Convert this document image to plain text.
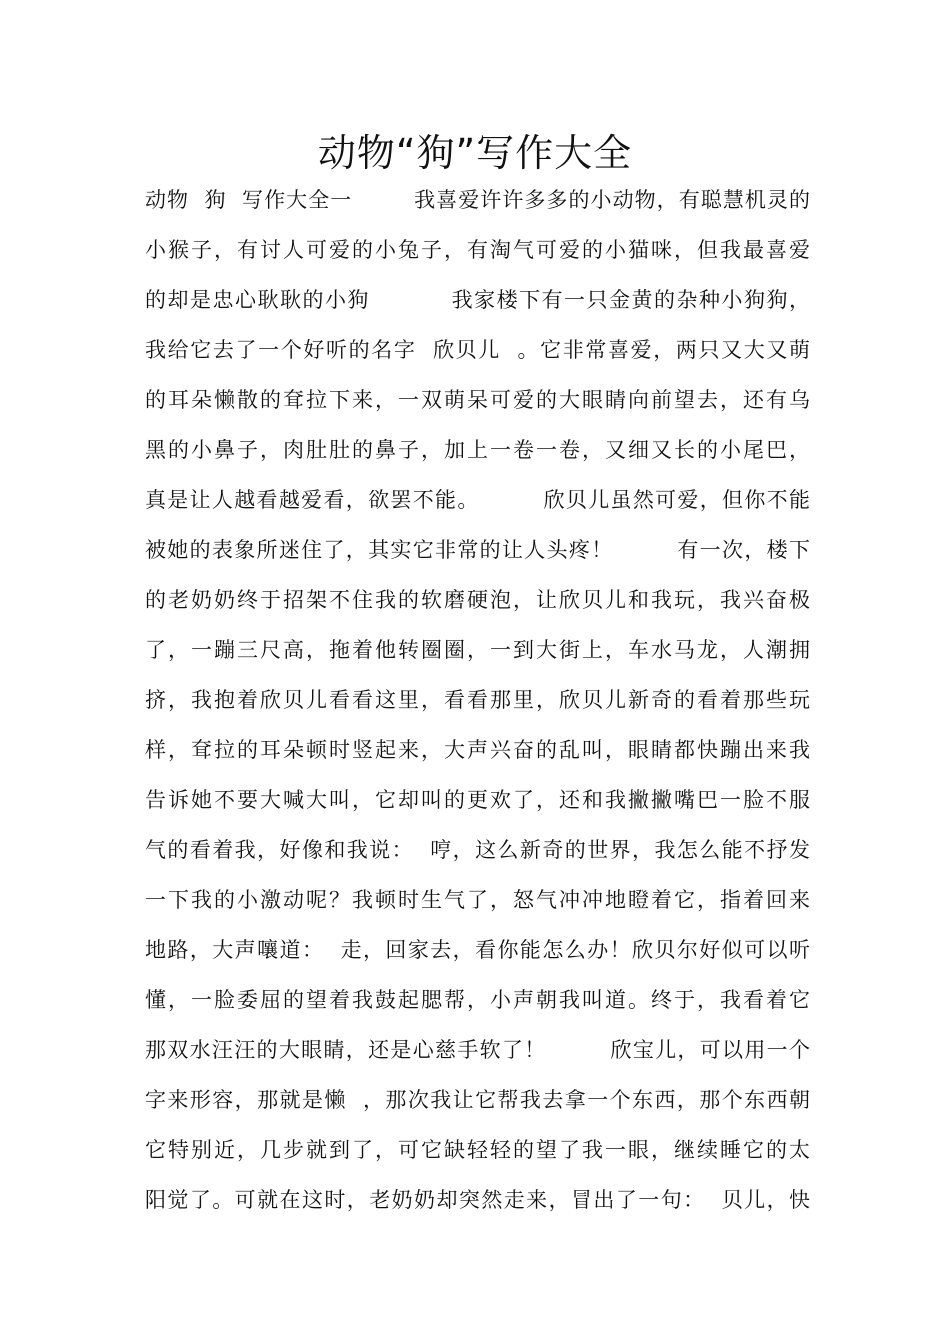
动物“狗”写作大全
动物  狗  写作大全一        我喜爱许许多多的小动物，有聪慧机灵的
小猴子，有讨人可爱的小兔子，有淘气可爱的小猫咪，但我最喜爱
的却是忠心耿耿的小狗          我家楼下有一只金黄的杂种小狗狗，
我给它去了一个好听的名字  欣贝儿  。它非常喜爱，两只又大又萌
的耳朵懒散的耷拉下来，一双萌呆可爱的大眼睛向前望去，还有乌
黑的小鼻子，肉肚肚的鼻子，加上一卷一卷，又细又长的小尾巴，
真是让人越看越爱看，欲罢不能。        欣贝儿虽然可爱，但你不能
被她的表象所迷住了，其实它非常的让人头疼！        有一次，楼下
的老奶奶终于招架不住我的软磨硬泡，让欣贝儿和我玩，我兴奋极
了，一蹦三尺高，拖着他转圈圈，一到大街上，车水马龙，人潮拥
挤，我抱着欣贝儿看看这里，看看那里，欣贝儿新奇的看着那些玩
样，耷拉的耳朵顿时竖起来，大声兴奋的乱叫，眼睛都快蹦出来我
告诉她不要大喊大叫，它却叫的更欢了，还和我撇撇嘴巴一脸不服
气的看着我，好像和我说：  哼，这么新奇的世界，我怎么能不抒发
一下我的小激动呢？我顿时生气了，怒气冲冲地瞪着它，指着回来
地路，大声嚷道：  走，回家去，看你能怎么办！欣贝尔好似可以听
懂，一脸委屈的望着我鼓起腮帮，小声朝我叫道。终于，我看着它
那双水汪汪的大眼睛，还是心慈手软了！        欣宝儿，可以用一个
字来形容，那就是懒  ，那次我让它帮我去拿一个东西，那个东西朝
它特别近，几步就到了，可它缺轻轻的望了我一眼，继续睡它的太
阳觉了。可就在这时，老奶奶却突然走来，冒出了一句：  贝儿，快
